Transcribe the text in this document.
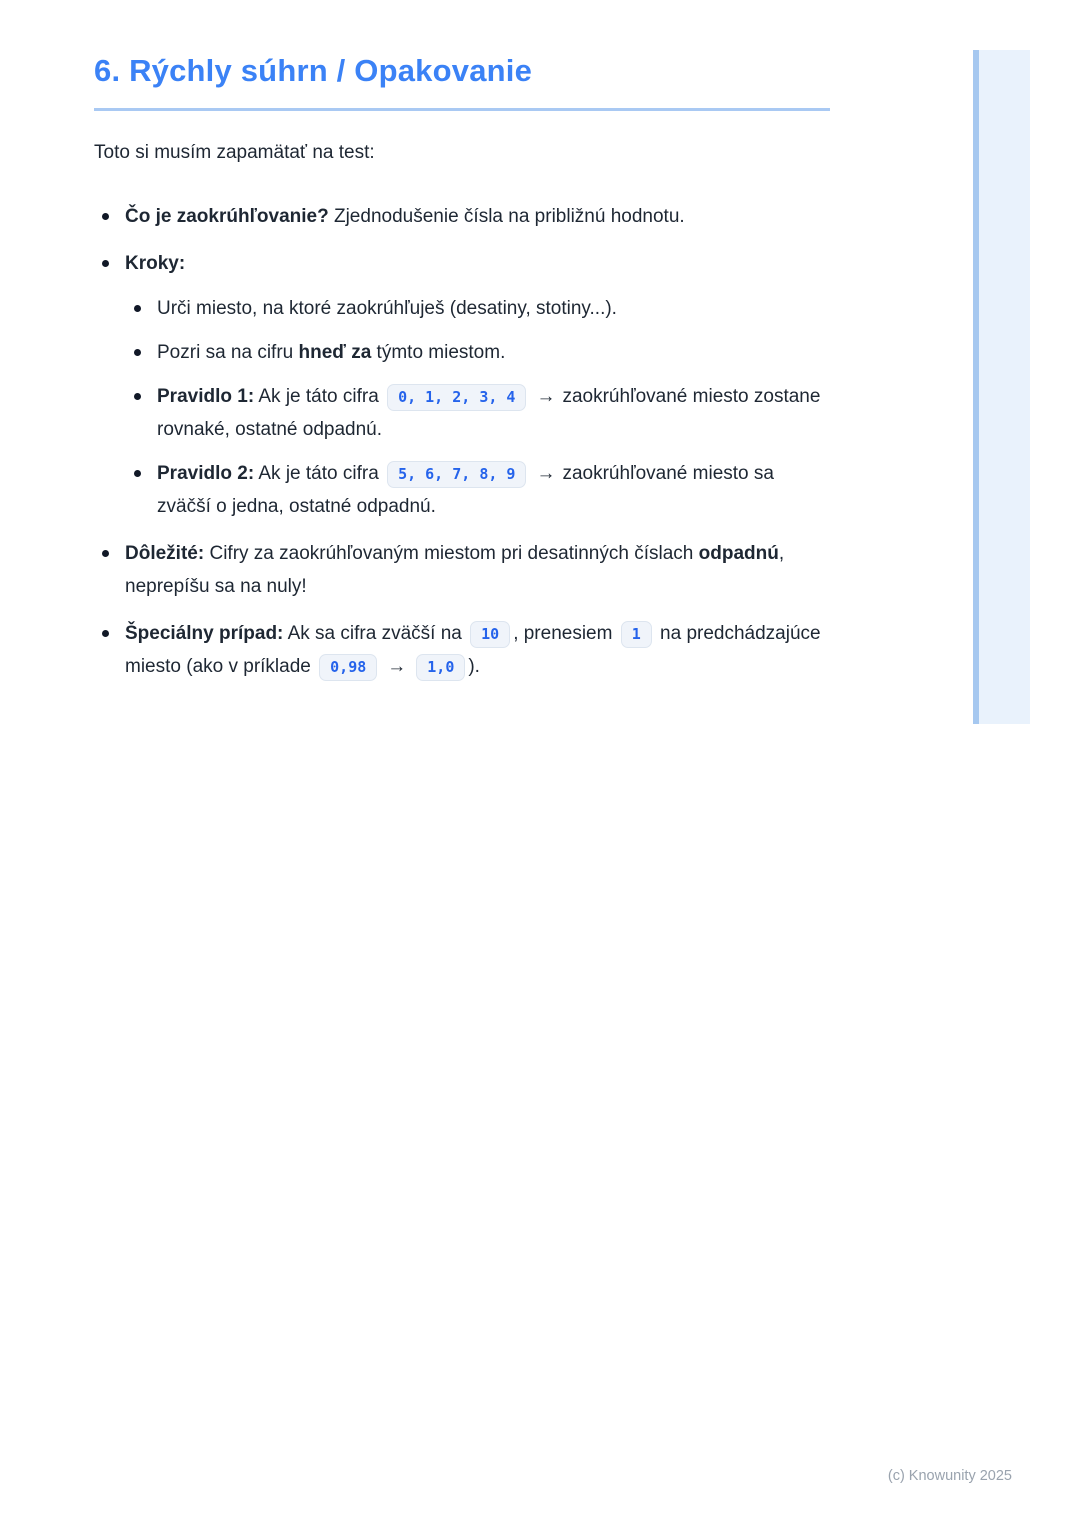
6. Rýchly súhrn / Opakovanie

Toto si musím zapamätať na test:

Čo je zaokrúhľovanie? Zjednodušenie čísla na približnú hodnotu.
Kroky:
Urči miesto, na ktoré zaokrúhľuješ (desatiny, stotiny...).
Pozri sa na cifru hneď za týmto miestom.
Pravidlo 1: Ak je táto cifra 0, 1, 2, 3, 4 → zaokrúhľované miesto zostane rovnaké, ostatné odpadnú.
Pravidlo 2: Ak je táto cifra 5, 6, 7, 8, 9 → zaokrúhľované miesto sa zväčší o jedna, ostatné odpadnú.
Dôležité: Cifry za zaokrúhľovaným miestom pri desatinných číslach odpadnú, neprepíšu sa na nuly!
Špeciálny prípad: Ak sa cifra zväčší na 10 , prenesiem 1 na predchádzajúce miesto (ako v príklade 0,98 → 1,0 ).
(c) Knowunity 2025
